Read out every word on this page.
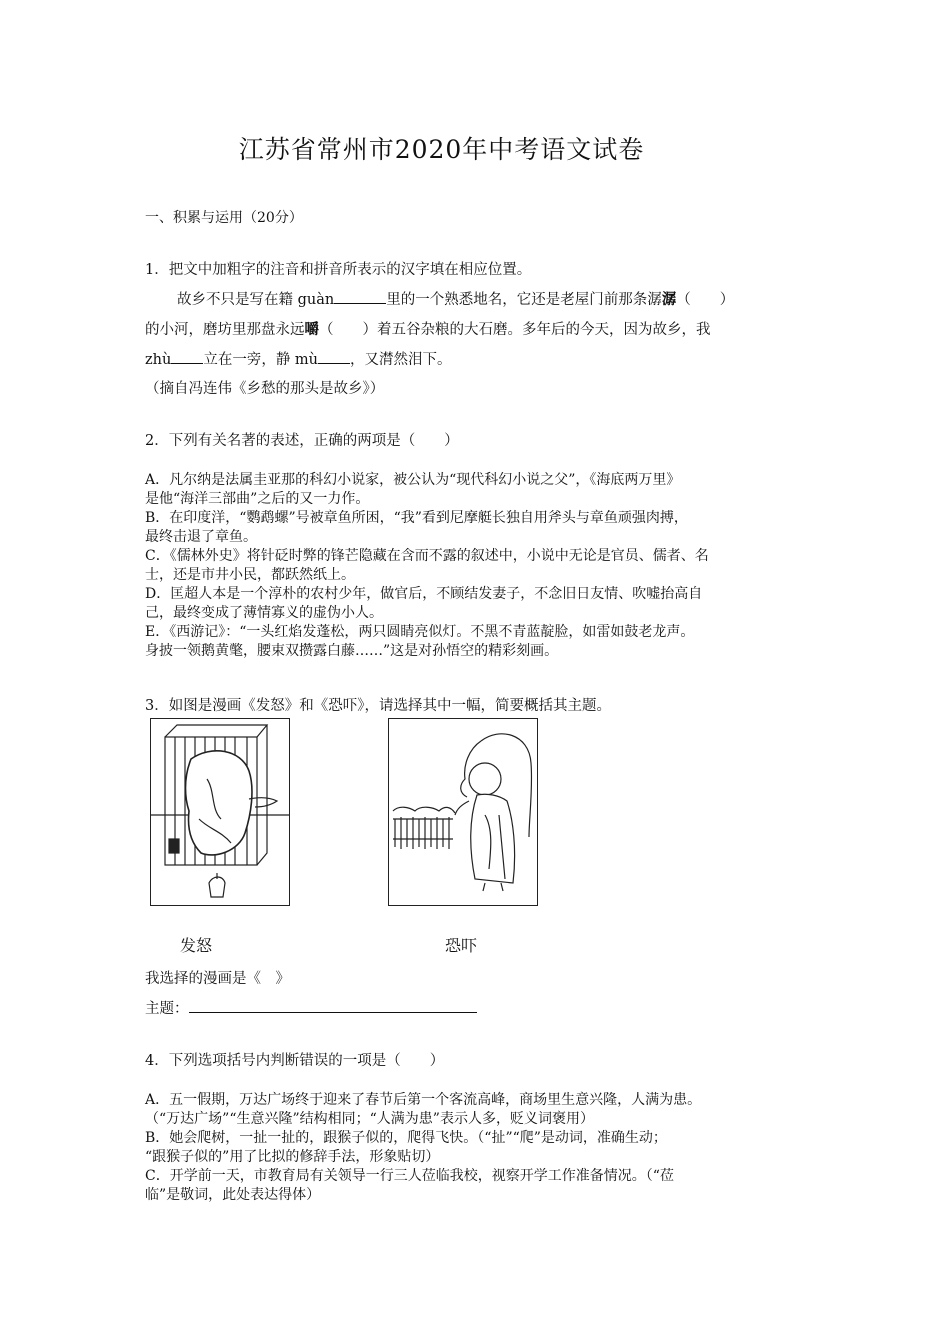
江苏省常州市2020年中考语文试卷
一、积累与运用（20分）
1．把文中加粗字的注音和拼音所表示的汉字填在相应位置。
故乡不只是写在籍 guàn	里的一个熟悉地名，它还是老屋门前那条潺潺（　　）
的小河，磨坊里那盘永远嚼（　　）着五谷杂粮的大石磨。多年后的今天，因为故乡，我
zhù 立在一旁，静 mù ，又潸然泪下。
（摘自冯连伟《乡愁的那头是故乡》）
2．下列有关名著的表述，正确的两项是（　　）
A．凡尔纳是法属圭亚那的科幻小说家，被公认为“现代科幻小说之父”，《海底两万里》
是他“海洋三部曲”之后的又一力作。
B．在印度洋，“鹦鹉螺”号被章鱼所困，“我”看到尼摩艇长独自用斧头与章鱼顽强肉搏，
最终击退了章鱼。
C．《儒林外史》将针砭时弊的锋芒隐藏在含而不露的叙述中，小说中无论是官员、儒者、名
士，还是市井小民，都跃然纸上。
D．匡超人本是一个淳朴的农村少年，做官后，不顾结发妻子，不念旧日友情、吹嘘抬高自
己，最终变成了薄情寡义的虚伪小人。
E．《西游记》：“一头红焰发蓬松，两只圆睛亮似灯。不黑不青蓝靛脸，如雷如鼓老龙声。
身披一领鹅黄氅，腰束双攒露白藤……”这是对孙悟空的精彩刻画。
3．如图是漫画《发怒》和《恐吓》，请选择其中一幅，简要概括其主题。
发怒	恐吓
我选择的漫画是《　》
主题：
4．下列选项括号内判断错误的一项是（　　）
A．五一假期，万达广场终于迎来了春节后第一个客流高峰，商场里生意兴隆，人满为患。
（“万达广场”“生意兴隆”结构相同；“人满为患”表示人多，贬义词褒用）
B．她会爬树，一扯一扯的，跟猴子似的，爬得飞快。（“扯”“爬”是动词，准确生动；
“跟猴子似的”用了比拟的修辞手法，形象贴切）
C．开学前一天，市教育局有关领导一行三人莅临我校，视察开学工作准备情况。（“莅
临”是敬词，此处表达得体）
